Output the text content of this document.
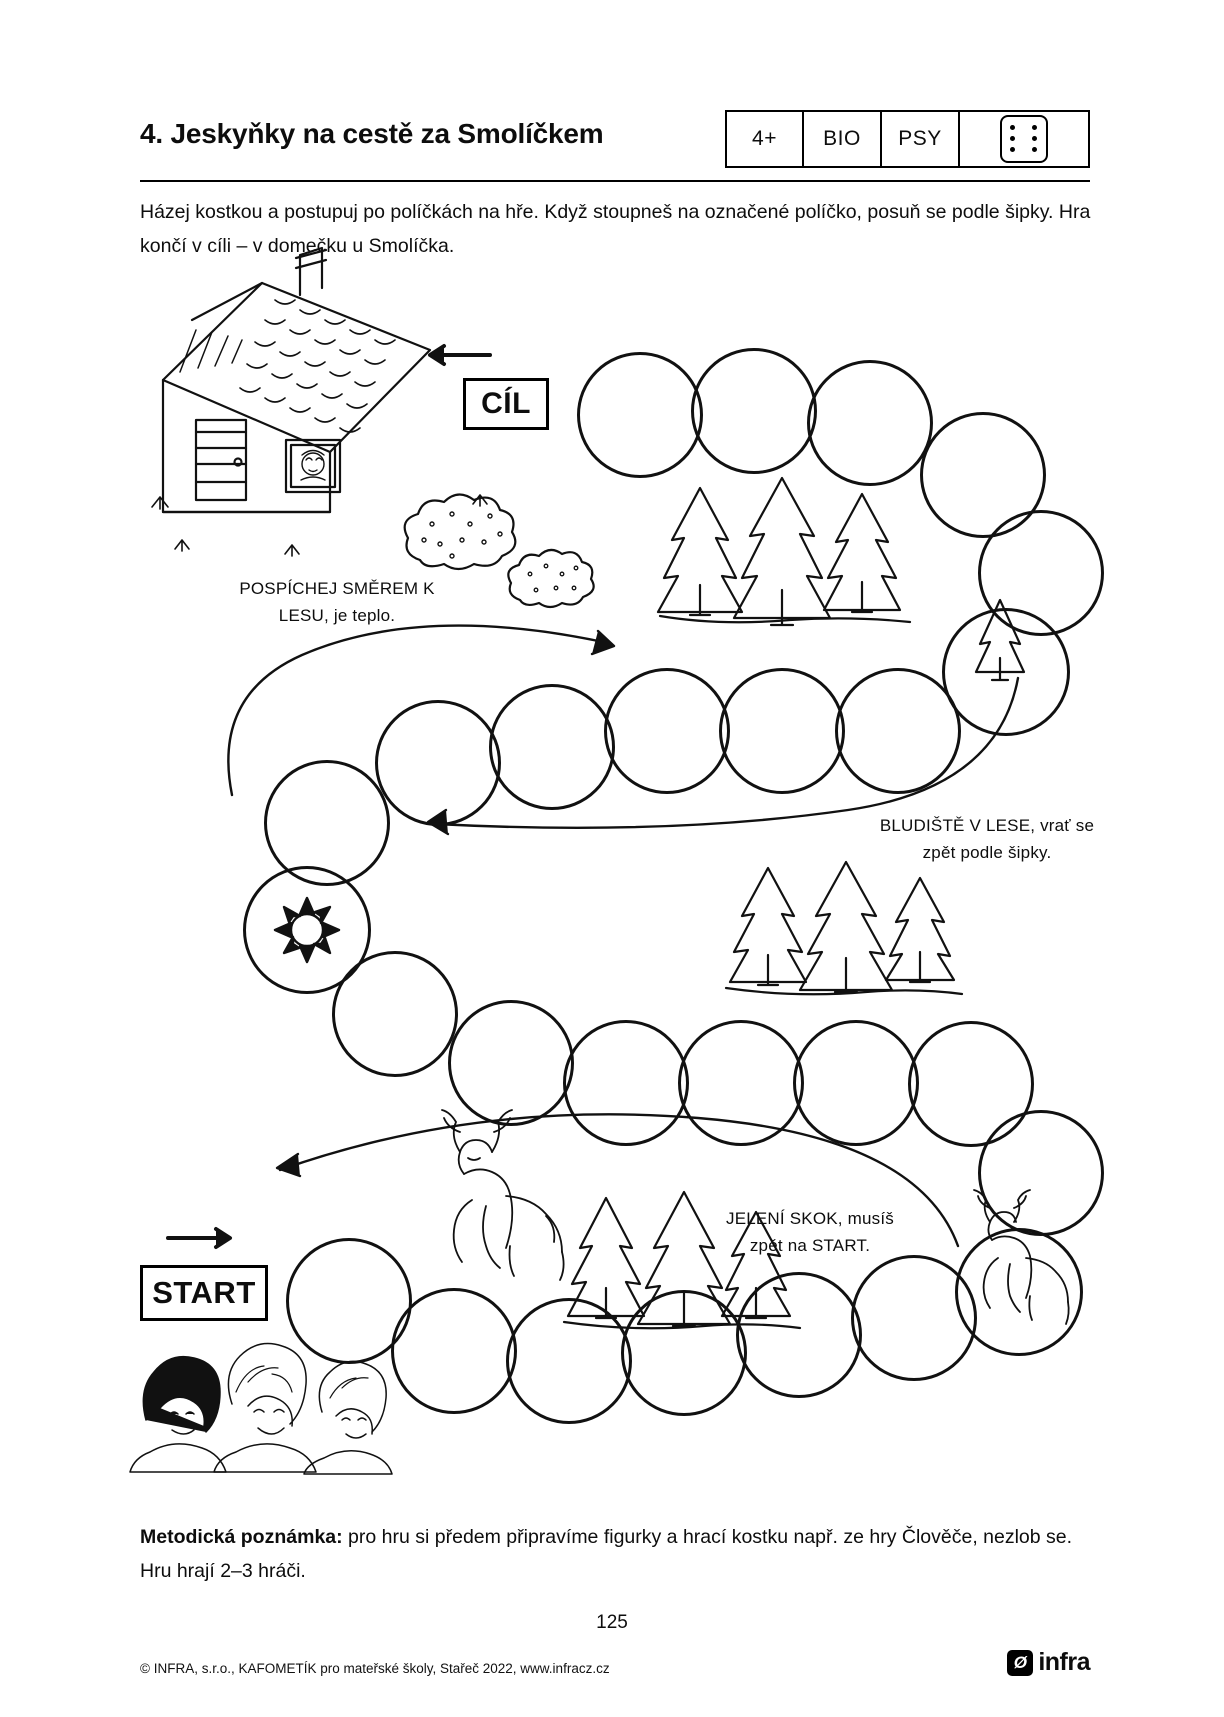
4. Jeskyňky na cestě za Smolíčkem	4+ BIO PSY
Házej kostkou a postupuj po políčkách na hře. Když stoupneš na označené políčko, posuň se podle šipky. Hra končí v cíli – v domečku u Smolíčka.
CÍL
START
POSPÍCHEJ SMĚREM K LESU, je teplo.
BLUDIŠTĚ V LESE, vrať se zpět podle šipky.
JELENÍ SKOK, musíš zpět na START.
Metodická poznámka: pro hru si předem připravíme figurky a hrací kostku např. ze hry Člověče, nezlob se. Hru hrají 2–3 hráči.
125
© INFRA, s.r.o., KAFOMETÍK pro mateřské školy, Stařeč 2022, www.infracz.cz	Ø infra
